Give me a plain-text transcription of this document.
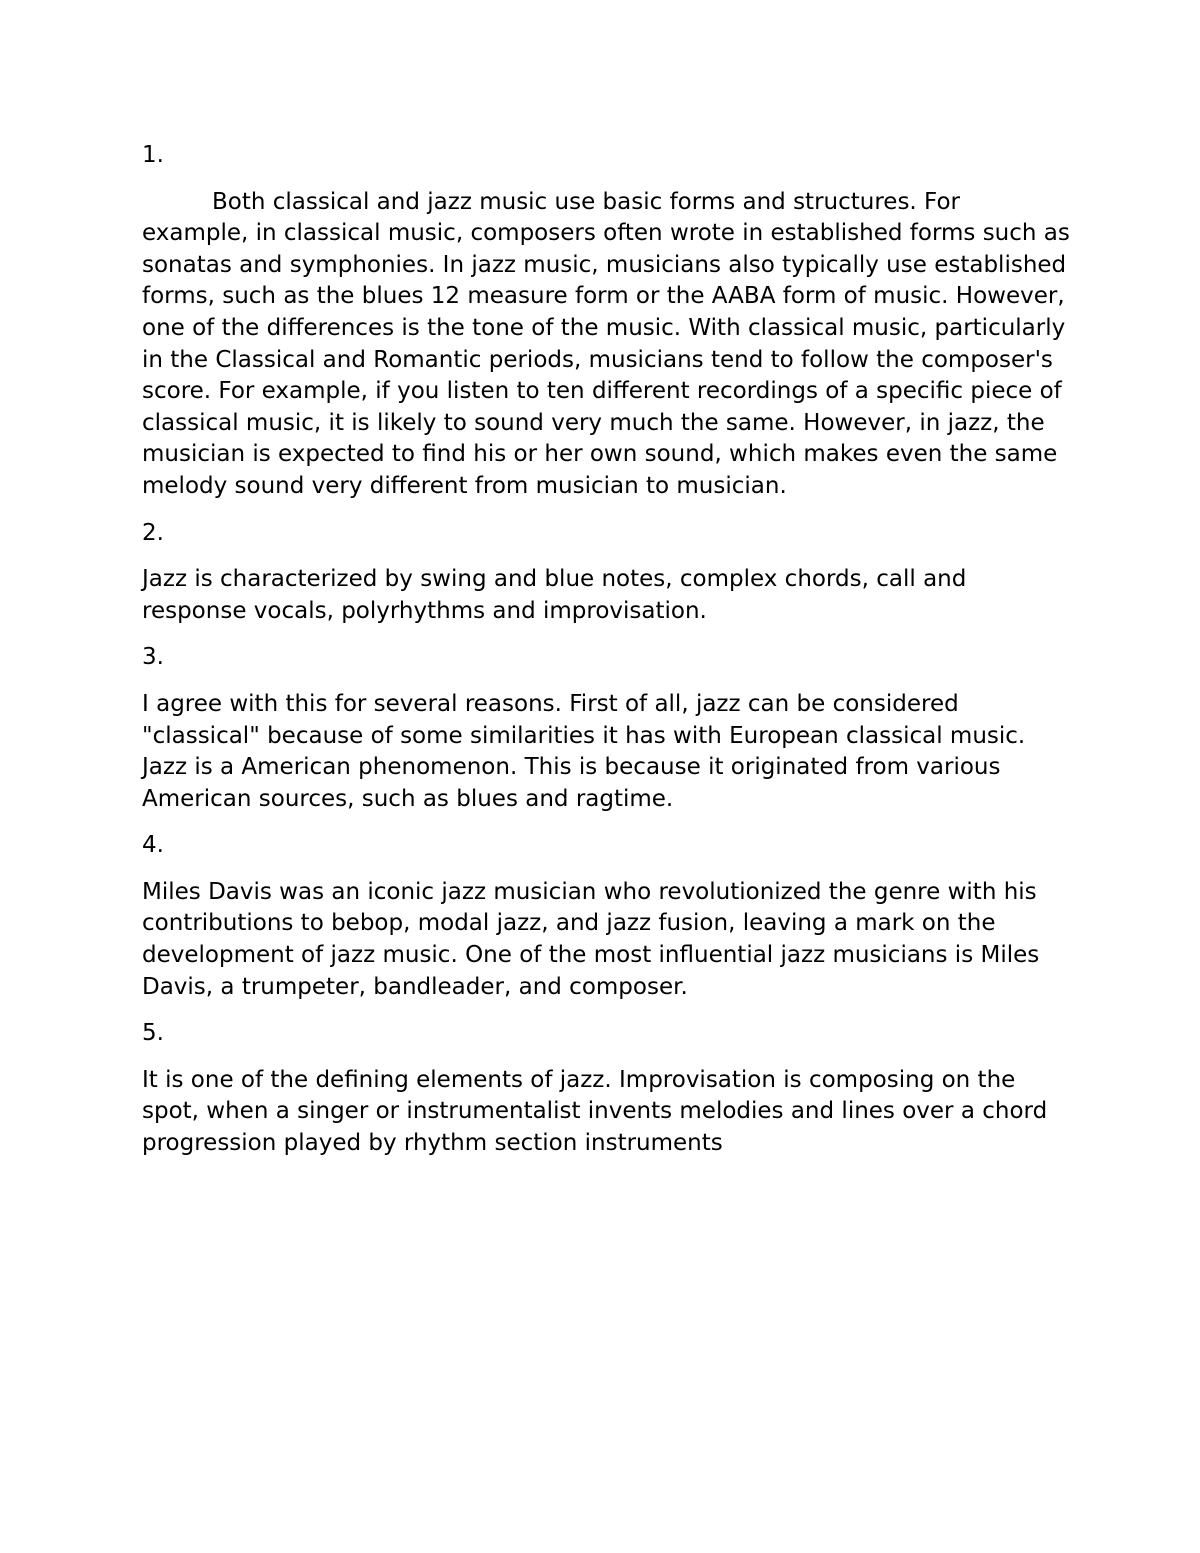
1.

Both classical and jazz music use basic forms and structures. For example, in classical music, composers often wrote in established forms such as sonatas and symphonies. In jazz music, musicians also typically use established forms, such as the blues 12 measure form or the AABA form of music. However, one of the differences is the tone of the music. With classical music, particularly in the Classical and Romantic periods, musicians tend to follow the composer's score. For example, if you listen to ten different recordings of a specific piece of classical music, it is likely to sound very much the same. However, in jazz, the musician is expected to find his or her own sound, which makes even the same melody sound very different from musician to musician.

2.

Jazz is characterized by swing and blue notes, complex chords, call and response vocals, polyrhythms and improvisation.

3.

I agree with this for several reasons. First of all, jazz can be considered "classical" because of some similarities it has with European classical music. Jazz is a American phenomenon. This is because it originated from various American sources, such as blues and ragtime.

4.

Miles Davis was an iconic jazz musician who revolutionized the genre with his contributions to bebop, modal jazz, and jazz fusion, leaving a mark on the development of jazz music. One of the most influential jazz musicians is Miles Davis, a trumpeter, bandleader, and composer.

5.

It is one of the defining elements of jazz. Improvisation is composing on the spot, when a singer or instrumentalist invents melodies and lines over a chord progression played by rhythm section instruments
